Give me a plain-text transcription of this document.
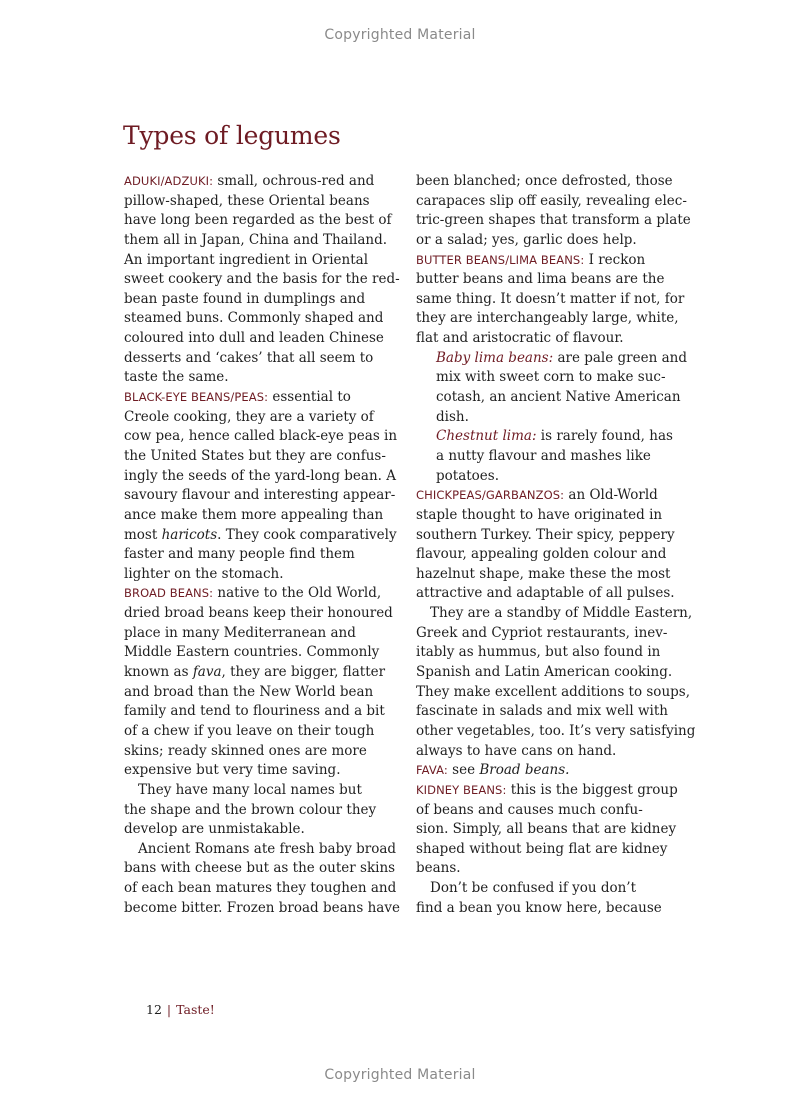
Copyrighted Material
Types of legumes
ADUKI/ADZUKI: small, ochrous-red and
pillow-shaped, these Oriental beans
have long been regarded as the best of
them all in Japan, China and Thailand.
An important ingredient in Oriental
sweet cookery and the basis for the red-
bean paste found in dumplings and
steamed buns. Commonly shaped and
coloured into dull and leaden Chinese
desserts and ‘cakes’ that all seem to
taste the same.
BLACK-EYE BEANS/PEAS: essential to
Creole cooking, they are a variety of
cow pea, hence called black-eye peas in
the United States but they are confus-
ingly the seeds of the yard-long bean. A
savoury flavour and interesting appear-
ance make them more appealing than
most haricots. They cook comparatively
faster and many people find them
lighter on the stomach.
BROAD BEANS: native to the Old World,
dried broad beans keep their honoured
place in many Mediterranean and
Middle Eastern countries. Commonly
known as fava, they are bigger, flatter
and broad than the New World bean
family and tend to flouriness and a bit
of a chew if you leave on their tough
skins; ready skinned ones are more
expensive but very time saving.
They have many local names but
the shape and the brown colour they
develop are unmistakable.
Ancient Romans ate fresh baby broad
bans with cheese but as the outer skins
of each bean matures they toughen and
become bitter. Frozen broad beans have
been blanched; once defrosted, those
carapaces slip off easily, revealing elec-
tric-green shapes that transform a plate
or a salad; yes, garlic does help.
BUTTER BEANS/LIMA BEANS: I reckon
butter beans and lima beans are the
same thing. It doesn’t matter if not, for
they are interchangeably large, white,
flat and aristocratic of flavour.
Baby lima beans: are pale green and
mix with sweet corn to make suc-
cotash, an ancient Native American
dish.
Chestnut lima: is rarely found, has
a nutty flavour and mashes like
potatoes.
CHICKPEAS/GARBANZOS: an Old-World
staple thought to have originated in
southern Turkey. Their spicy, peppery
flavour, appealing golden colour and
hazelnut shape, make these the most
attractive and adaptable of all pulses.
They are a standby of Middle Eastern,
Greek and Cypriot restaurants, inev-
itably as hummus, but also found in
Spanish and Latin American cooking.
They make excellent additions to soups,
fascinate in salads and mix well with
other vegetables, too. It’s very satisfying
always to have cans on hand.
FAVA: see Broad beans.
KIDNEY BEANS: this is the biggest group
of beans and causes much confu-
sion. Simply, all beans that are kidney
shaped without being flat are kidney
beans.
Don’t be confused if you don’t
find a bean you know here, because
12 | Taste!
Copyrighted Material
